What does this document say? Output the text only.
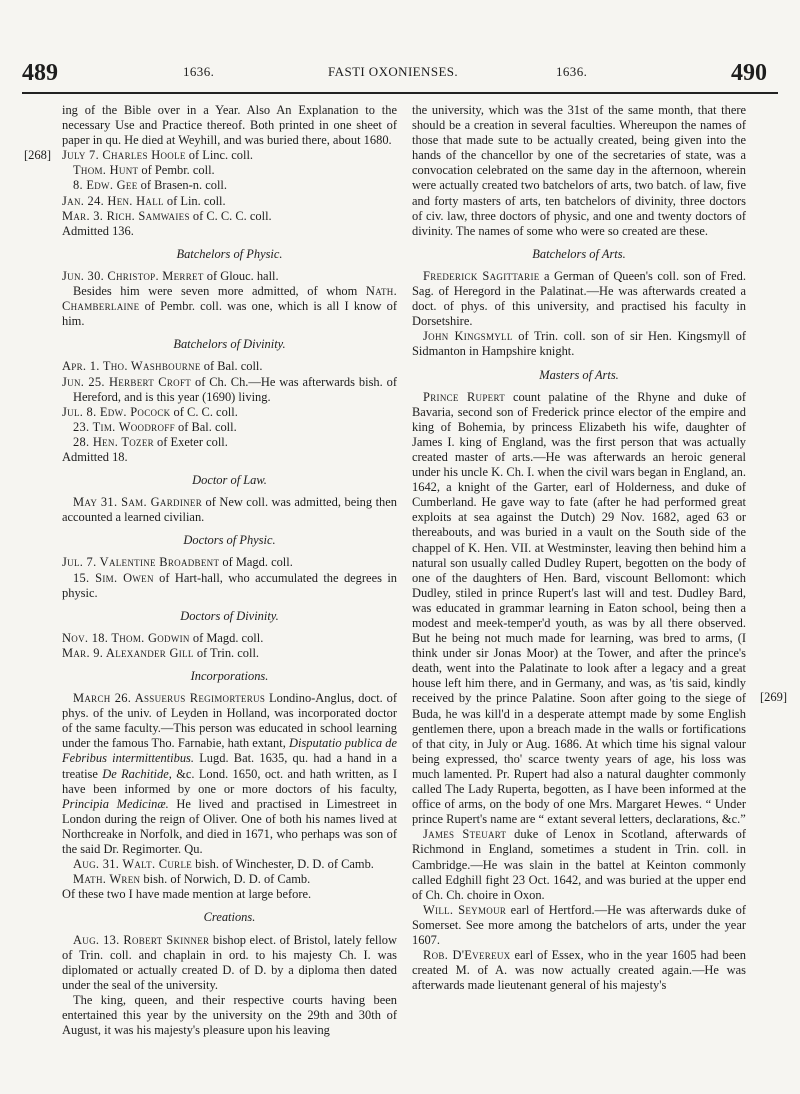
489	1636.	FASTI OXONIENSES.	1636.	490
[268]
[269]

ing of the Bible over in a Year. Also An Explanation to the necessary Use and Practice thereof. Both printed in one sheet of paper in qu. He died at Weyhill, and was buried there, about 1680.

July 7. Charles Hoole of Linc. coll.

Thom. Hunt of Pembr. coll.

8. Edw. Gee of Brasen-n. coll.

Jan. 24. Hen. Hall of Lin. coll.

Mar. 3. Rich. Samwaies of C. C. C. coll.

Admitted 136.

Batchelors of Physic.

Jun. 30. Christop. Merret of Glouc. hall.

Besides him were seven more admitted, of whom Nath. Chamberlaine of Pembr. coll. was one, which is all I know of him.

Batchelors of Divinity.

Apr. 1. Tho. Washbourne of Bal. coll.

Jun. 25. Herbert Croft of Ch. Ch.—He was afterwards bish. of Hereford, and is this year (1690) living.

Jul. 8. Edw. Pocock of C. C. coll.

23. Tim. Woodroff of Bal. coll.

28. Hen. Tozer of Exeter coll.

Admitted 18.

Doctor of Law.

May 31. Sam. Gardiner of New coll. was admitted, being then accounted a learned civilian.

Doctors of Physic.

Jul. 7. Valentine Broadbent of Magd. coll.

15. Sim. Owen of Hart-hall, who accumulated the degrees in physic.

Doctors of Divinity.

Nov. 18. Thom. Godwin of Magd. coll.

Mar. 9. Alexander Gill of Trin. coll.

Incorporations.

March 26. Assuerus Regimorterus Londino-Anglus, doct. of phys. of the univ. of Leyden in Holland, was incorporated doctor of the same faculty.—This person was educated in school learning under the famous Tho. Farnabie, hath extant, Disputatio publica de Febribus intermittentibus. Lugd. Bat. 1635, qu. had a hand in a treatise De Rachitide, &c. Lond. 1650, oct. and hath written, as I have been informed by one or more doctors of his faculty, Principia Medicinæ. He lived and practised in Limestreet in London during the reign of Oliver. One of both his names lived at Northcreake in Norfolk, and died in 1671, who perhaps was son of the said Dr. Regimorter. Qu.

Aug. 31. Walt. Curle bish. of Winchester, D. D. of Camb.

Math. Wren bish. of Norwich, D. D. of Camb.

Of these two I have made mention at large before.

Creations.

Aug. 13. Robert Skinner bishop elect. of Bristol, lately fellow of Trin. coll. and chaplain in ord. to his majesty Ch. I. was diplomated or actually created D. of D. by a diploma then dated under the seal of the university.

The king, queen, and their respective courts having been entertained this year by the university on the 29th and 30th of August, it was his majesty's pleasure upon his leaving

the university, which was the 31st of the same month, that there should be a creation in several faculties. Whereupon the names of those that made sute to be actually created, being given into the hands of the chancellor by one of the secretaries of state, was a convocation celebrated on the same day in the afternoon, wherein were actually created two batchelors of arts, two batch. of law, five and forty masters of arts, ten batchelors of divinity, three doctors of civ. law, three doctors of physic, and one and twenty doctors of divinity. The names of some who were so created are these.

Batchelors of Arts.

Frederick Sagittarie a German of Queen's coll. son of Fred. Sag. of Heregord in the Palatinat.—He was afterwards created a doct. of phys. of this university, and practised his faculty in Dorsetshire.

John Kingsmyll of Trin. coll. son of sir Hen. Kingsmyll of Sidmanton in Hampshire knight.

Masters of Arts.

Prince Rupert count palatine of the Rhyne and duke of Bavaria, second son of Frederick prince elector of the empire and king of Bohemia, by princess Elizabeth his wife, daughter of James I. king of England, was the first person that was actually created master of arts.—He was afterwards an heroic general under his uncle K. Ch. I. when the civil wars began in England, an. 1642, a knight of the Garter, earl of Holderness, and duke of Cumberland. He gave way to fate (after he had performed great exploits at sea against the Dutch) 29 Nov. 1682, aged 63 or thereabouts, and was buried in a vault on the South side of the chappel of K. Hen. VII. at Westminster, leaving then behind him a natural son usually called Dudley Rupert, begotten on the body of one of the daughters of Hen. Bard, viscount Bellomont: which Dudley, stiled in prince Rupert's last will and test. Dudley Bard, was educated in grammar learning in Eaton school, being then a modest and meek-temper'd youth, as was by all there observed. But he being not much made for learning, was bred to arms, (I think under sir Jonas Moor) at the Tower, and after the prince's death, went into the Palatinate to look after a legacy and a great house left him there, and in Germany, and was, as 'tis said, kindly received by the prince Palatine. Soon after going to the siege of Buda, he was kill'd in a desperate attempt made by some English gentlemen there, upon a breach made in the walls or fortifications of that city, in July or Aug. 1686. At which time his signal valour being expressed, tho' scarce twenty years of age, his loss was much lamented. Pr. Rupert had also a natural daughter commonly called The Lady Ruperta, begotten, as I have been informed at the office of arms, on the body of one Mrs. Margaret Hewes. “ Under prince Rupert's name are “ extant several letters, declarations, &c.”

James Steuart duke of Lenox in Scotland, afterwards of Richmond in England, sometimes a student in Trin. coll. in Cambridge.—He was slain in the battel at Keinton commonly called Edghill fight 23 Oct. 1642, and was buried at the upper end of Ch. Ch. choire in Oxon.

Will. Seymour earl of Hertford.—He was afterwards duke of Somerset. See more among the batchelors of arts, under the year 1607.

Rob. D'Evereux earl of Essex, who in the year 1605 had been created M. of A. was now actually created again.—He was afterwards made lieutenant general of his majesty's
